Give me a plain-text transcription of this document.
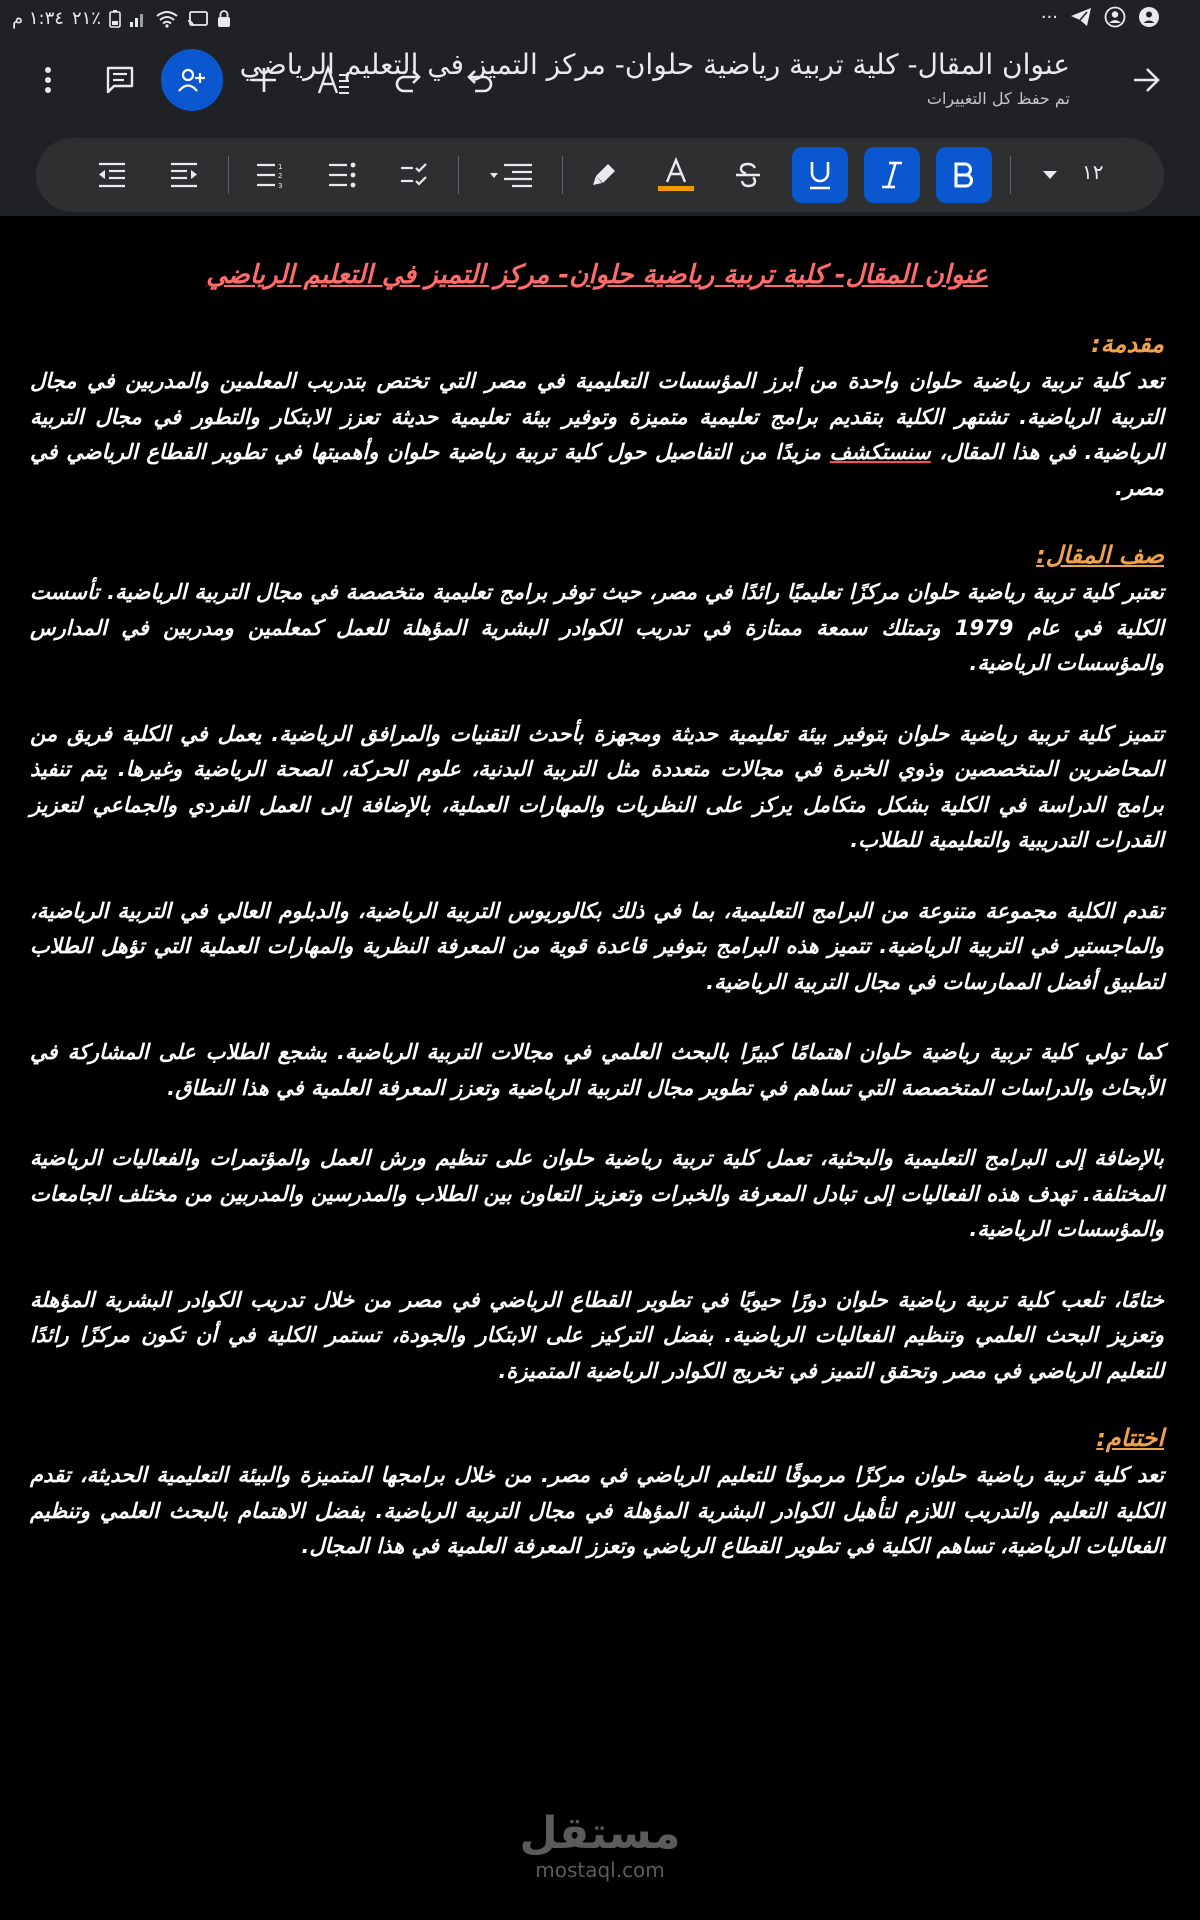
١:٣٤ م ٢١٪	···
عنوان المقال- كلية تربية رياضية حلوان- مركز التميز في التعليم الرياضي
تم حفظ كل التغييرات
1
2
3
١٢
عنوان المقال- كلية تربية رياضية حلوان- مركز التميز في التعليم الرياضي
مقدمة:

تعد كلية تربية رياضية حلوان واحدة من أبرز المؤسسات التعليمية في مصر التي تختص بتدريب المعلمين والمدربين في مجال التربية الرياضية. تشتهر الكلية بتقديم برامج تعليمية متميزة وتوفير بيئة تعليمية حديثة تعزز الابتكار والتطور في مجال التربية الرياضية. في هذا المقال، سنستكشف مزيدًا من التفاصيل حول كلية تربية رياضية حلوان وأهميتها في تطوير القطاع الرياضي في مصر.

صف المقال:

تعتبر كلية تربية رياضية حلوان مركزًا تعليميًا رائدًا في مصر، حيث توفر برامج تعليمية متخصصة في مجال التربية الرياضية. تأسست الكلية في عام 1979 وتمتلك سمعة ممتازة في تدريب الكوادر البشرية المؤهلة للعمل كمعلمين ومدربين في المدارس والمؤسسات الرياضية.

تتميز كلية تربية رياضية حلوان بتوفير بيئة تعليمية حديثة ومجهزة بأحدث التقنيات والمرافق الرياضية. يعمل في الكلية فريق من المحاضرين المتخصصين وذوي الخبرة في مجالات متعددة مثل التربية البدنية، علوم الحركة، الصحة الرياضية وغيرها. يتم تنفيذ برامج الدراسة في الكلية بشكل متكامل يركز على النظريات والمهارات العملية، بالإضافة إلى العمل الفردي والجماعي لتعزيز القدرات التدريبية والتعليمية للطلاب.

تقدم الكلية مجموعة متنوعة من البرامج التعليمية، بما في ذلك بكالوريوس التربية الرياضية، والدبلوم العالي في التربية الرياضية، والماجستير في التربية الرياضية. تتميز هذه البرامج بتوفير قاعدة قوية من المعرفة النظرية والمهارات العملية التي تؤهل الطلاب لتطبيق أفضل الممارسات في مجال التربية الرياضية.

كما تولي كلية تربية رياضية حلوان اهتمامًا كبيرًا بالبحث العلمي في مجالات التربية الرياضية. يشجع الطلاب على المشاركة في الأبحاث والدراسات المتخصصة التي تساهم في تطوير مجال التربية الرياضية وتعزز المعرفة العلمية في هذا النطاق.

بالإضافة إلى البرامج التعليمية والبحثية، تعمل كلية تربية رياضية حلوان على تنظيم ورش العمل والمؤتمرات والفعاليات الرياضية المختلفة. تهدف هذه الفعاليات إلى تبادل المعرفة والخبرات وتعزيز التعاون بين الطلاب والمدرسين والمدربين من مختلف الجامعات والمؤسسات الرياضية.

ختامًا، تلعب كلية تربية رياضية حلوان دورًا حيويًا في تطوير القطاع الرياضي في مصر من خلال تدريب الكوادر البشرية المؤهلة وتعزيز البحث العلمي وتنظيم الفعاليات الرياضية. بفضل التركيز على الابتكار والجودة، تستمر الكلية في أن تكون مركزًا رائدًا للتعليم الرياضي في مصر وتحقق التميز في تخريج الكوادر الرياضية المتميزة.

اختتام:

تعد كلية تربية رياضية حلوان مركزًا مرموقًا للتعليم الرياضي في مصر. من خلال برامجها المتميزة والبيئة التعليمية الحديثة، تقدم الكلية التعليم والتدريب اللازم لتأهيل الكوادر البشرية المؤهلة في مجال التربية الرياضية. بفضل الاهتمام بالبحث العلمي وتنظيم الفعاليات الرياضية، تساهم الكلية في تطوير القطاع الرياضي وتعزز المعرفة العلمية في هذا المجال.

مستقل
mostaql.com
